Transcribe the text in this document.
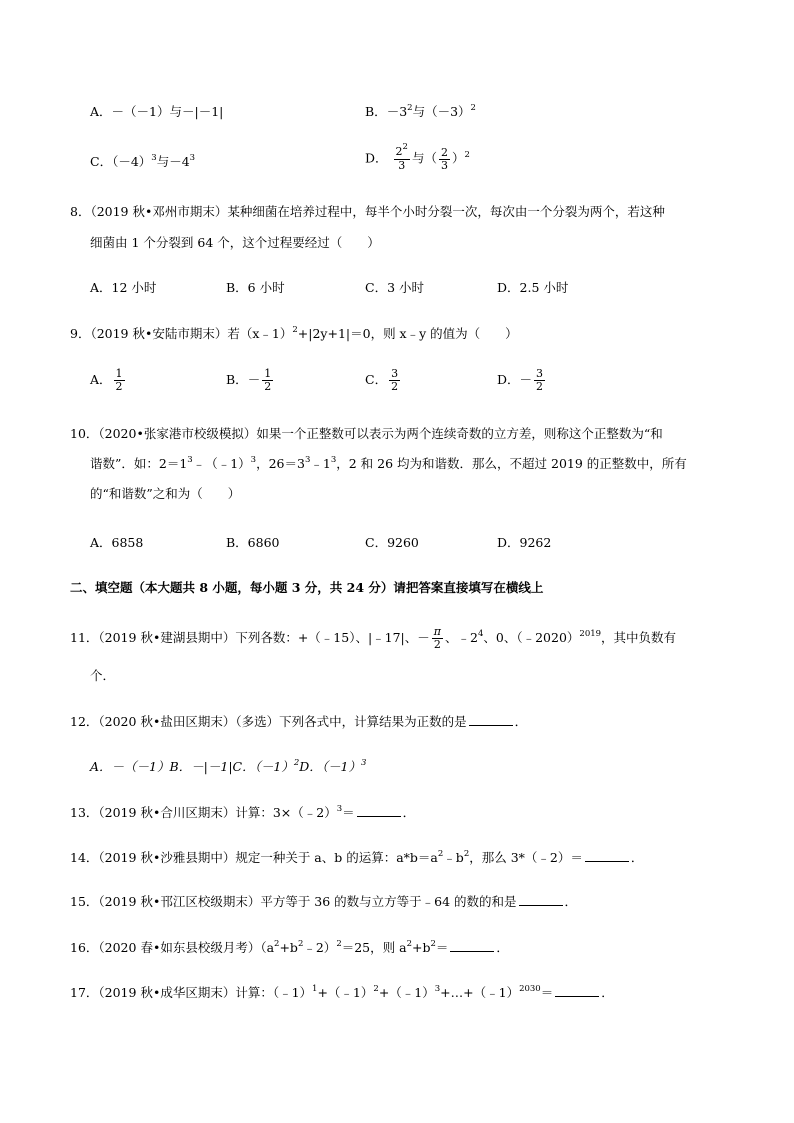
A．－（－1）与－|－1|	B．$-3^2$与$(-3)^2$
C．$(-4)^3$与$-4^3$	D． $\frac{2^2}{3}$ 与（ $\frac{2}{3} )^2$
8．（2019 秋•邓州市期末）某种细菌在培养过程中，每半个小时分裂一次，每次由一个分裂为两个，若这种
细菌由 1 个分裂到 64 个，这个过程要经过（　　）
A．12 小时	B．6 小时	C．3 小时	D．2.5 小时
9．（2019 秋•安陆市期末）若（x﹣1）$^2$+|2y+1|＝0，则 x﹣y 的值为（　　）
A． $\frac{1}{2}$	B．－ $\frac{1}{2}$	C． $\frac{3}{2}$	D．－ $\frac{3}{2}$
10．（2020•张家港市校级模拟）如果一个正整数可以表示为两个连续奇数的立方差，则称这个正整数为“和
谐数”．如：$2=1^3﹣(﹣1)^3$，$26=3^3﹣1^3$，2 和 26 均为和谐数．那么，不超过 2019 的正整数中，所有
的“和谐数”之和为（　　）
A．6858	B．6860	C．9260	D．9262
二、填空题（本大题共 8 小题，每小题 3 分，共 24 分）请把答案直接填写在横线上
11．（2019 秋•建湖县期中）下列各数：+（﹣15）、|﹣17|、－ $\frac{\pi}{2}$ 、$﹣2^4$、0、（﹣2020）$^{2019}$，其中负数有
个．
12．（2020 秋•盐田区期末）（多选）下列各式中，计算结果为正数的是	．
A．－（－1）B．－|－1|C．$(-1)^2D$．$(-1)^3$
13．（2019 秋•合川区期末）计算：3×（﹣2）$^3$＝	．
14．（2019 秋•沙雅县期中）规定一种关于 a、b 的运算：$a*b=a^2﹣b^2$，那么 3*（﹣2）＝	．
15．（2019 秋•邗江区校级期末）平方等于 36 的数与立方等于﹣64 的数的和是	．
16．（2020 春•如东县校级月考）$(a^2+b^2﹣2)^2=25$，则 $a^2+b^2=$	．
17．（2019 秋•成华区期末）计算：（﹣1）$^1$+（﹣1）$^2$+（﹣1）$^3$+…+（﹣1）$^{2030}$＝	．
